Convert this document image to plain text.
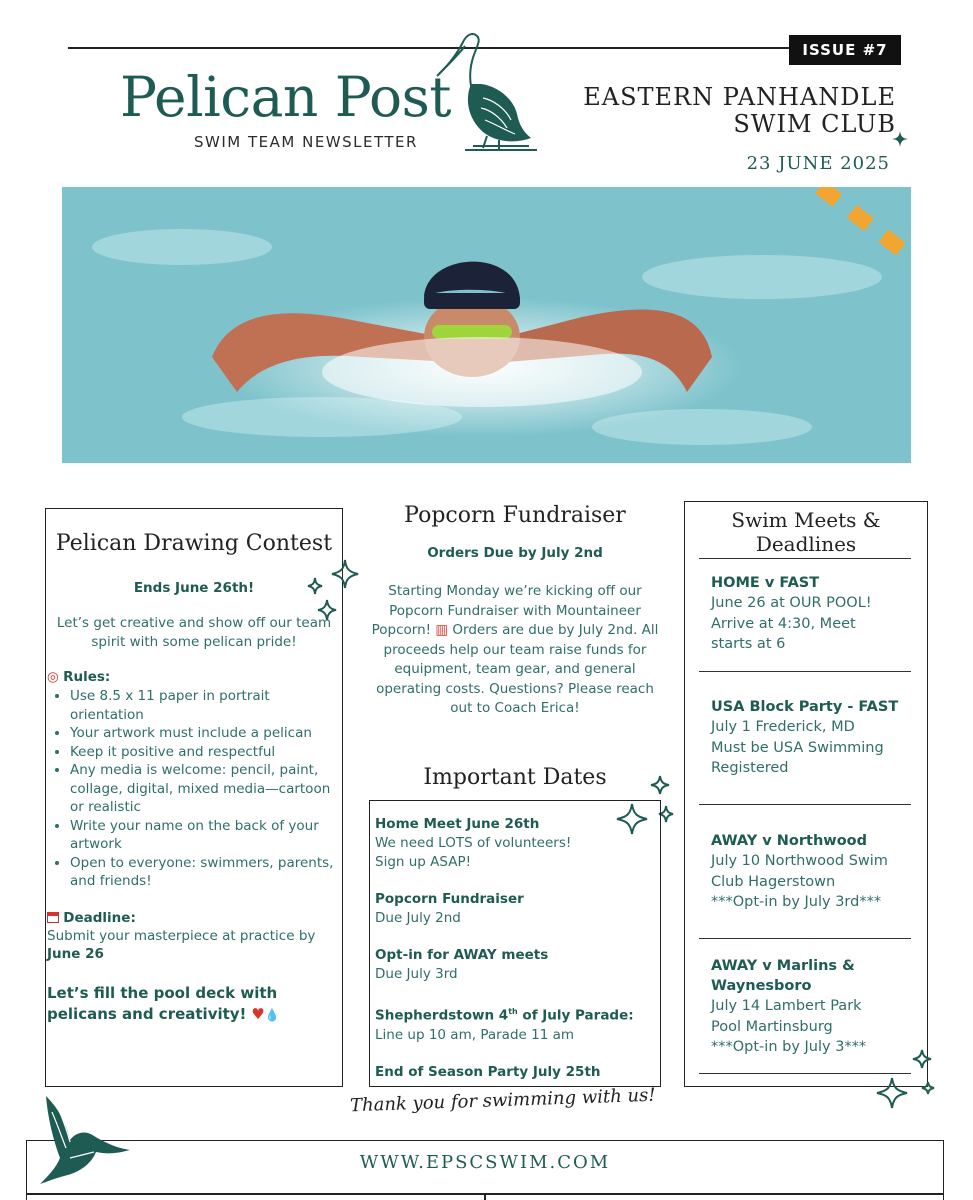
ISSUE #7
Pelican Post
SWIM TEAM NEWSLETTER
EASTERN PANHANDLE
SWIM CLUB
23 JUNE 2025
Pelican Drawing Contest
Ends June 26th!
Let’s get creative and show off our team spirit with some pelican pride!
◎ Rules:
• Use 8.5 x 11 paper in portrait orientation
• Your artwork must include a pelican
• Keep it positive and respectful
• Any media is welcome: pencil, paint, collage, digital, mixed media—cartoon or realistic
• Write your name on the back of your artwork
• Open to everyone: swimmers, parents, and friends!
Deadline:
Submit your masterpiece at practice by
June 26
Let’s fill the pool deck with pelicans and creativity! ♥💧
Popcorn Fundraiser
Orders Due by July 2nd
Starting Monday we’re kicking off our Popcorn Fundraiser with Mountaineer Popcorn! ▥ Orders are due by July 2nd. All proceeds help our team raise funds for equipment, team gear, and general operating costs. Questions? Please reach out to Coach Erica!
Important Dates
Home Meet June 26th
We need LOTS of volunteers!
Sign up ASAP!
Popcorn Fundraiser
Due July 2nd
Opt-in for AWAY meets
Due July 3rd
Shepherdstown 4th of July Parade:
Line up 10 am, Parade 11 am
End of Season Party July 25th
Swim Meets &
Deadlines
HOME v FAST
June 26 at OUR POOL!
Arrive at 4:30, Meet
starts at 6
USA Block Party - FAST
July 1 Frederick, MD
Must be USA Swimming
Registered
AWAY v Northwood
July 10 Northwood Swim
Club Hagerstown
***Opt-in by July 3rd***
AWAY v Marlins &
Waynesboro
July 14 Lambert Park
Pool Martinsburg
***Opt-in by July 3***
Thank you for swimming with us!
WWW.EPSCSWIM.COM
